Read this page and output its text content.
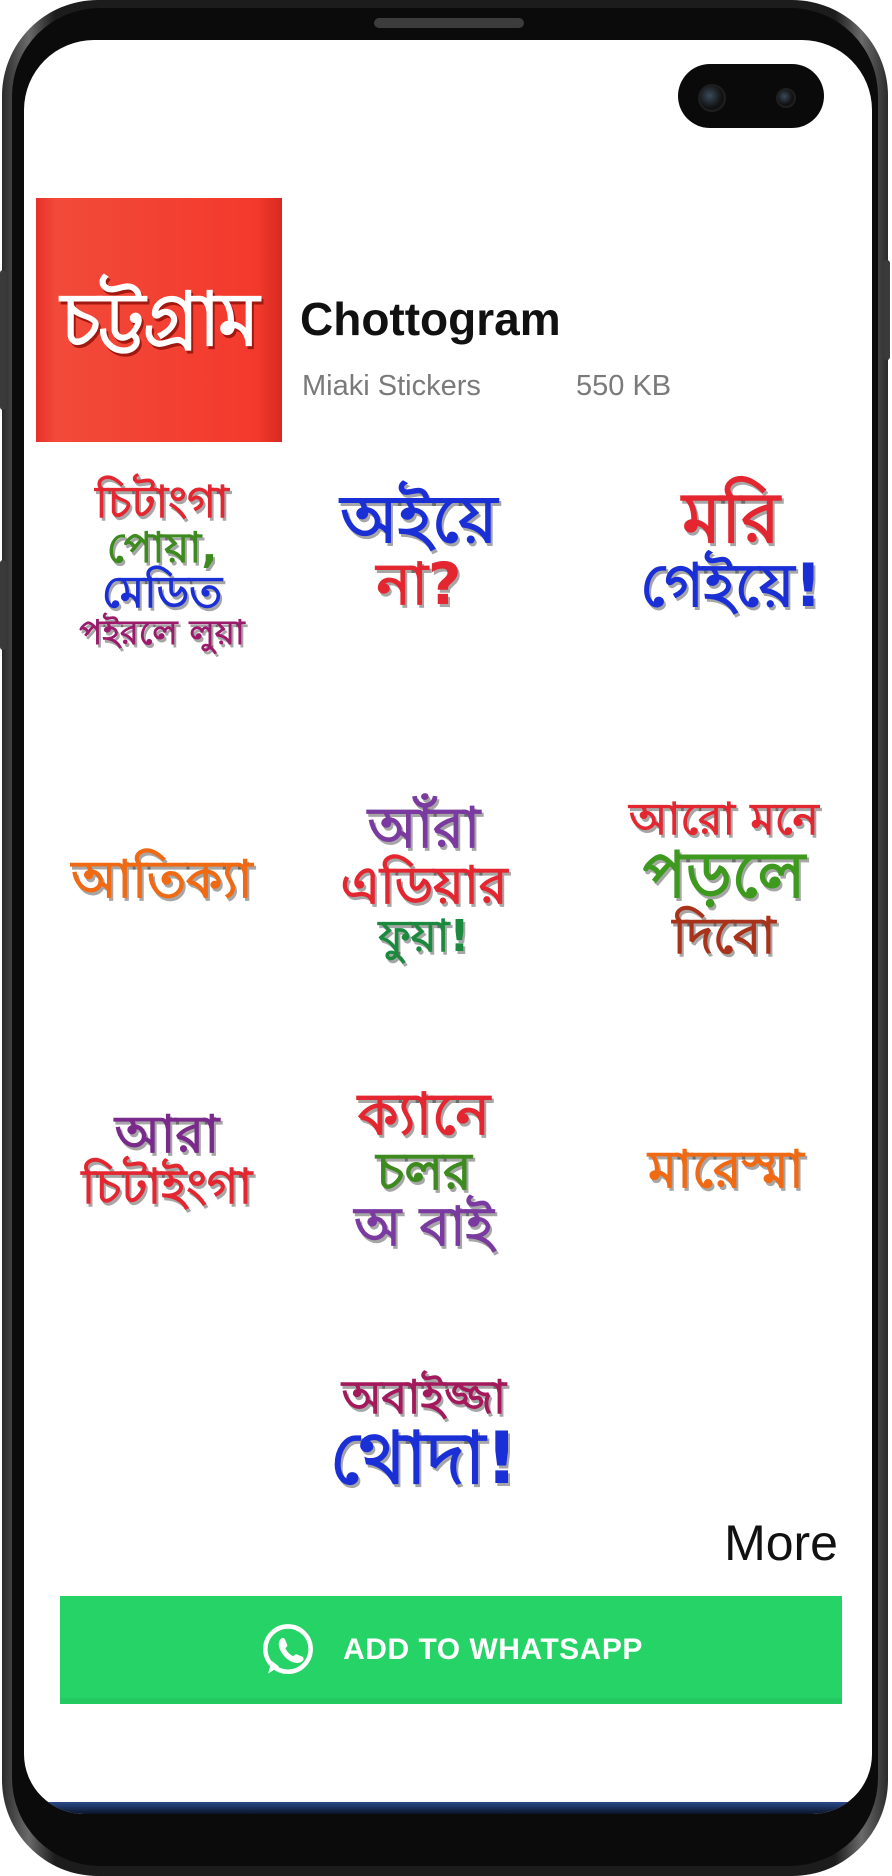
চট্টগ্রাম Chottogram
Miaki Stickers	550 KB
চিটাংগা
পোয়া,
মেডিত
পইরলে লুয়া
অইয়ে
না?
মরি
গেইয়ে!
আতিক্যা
আঁরা
এডিয়ার
ফুয়া!
আরো মনে
পড়লে
দিবো
আরা
চিটাইংগা
ক্যানে
চলর
অ বাই
মারেস্মা
অবাইজ্জা
থোদা!
More
ADD TO WHATSAPP
